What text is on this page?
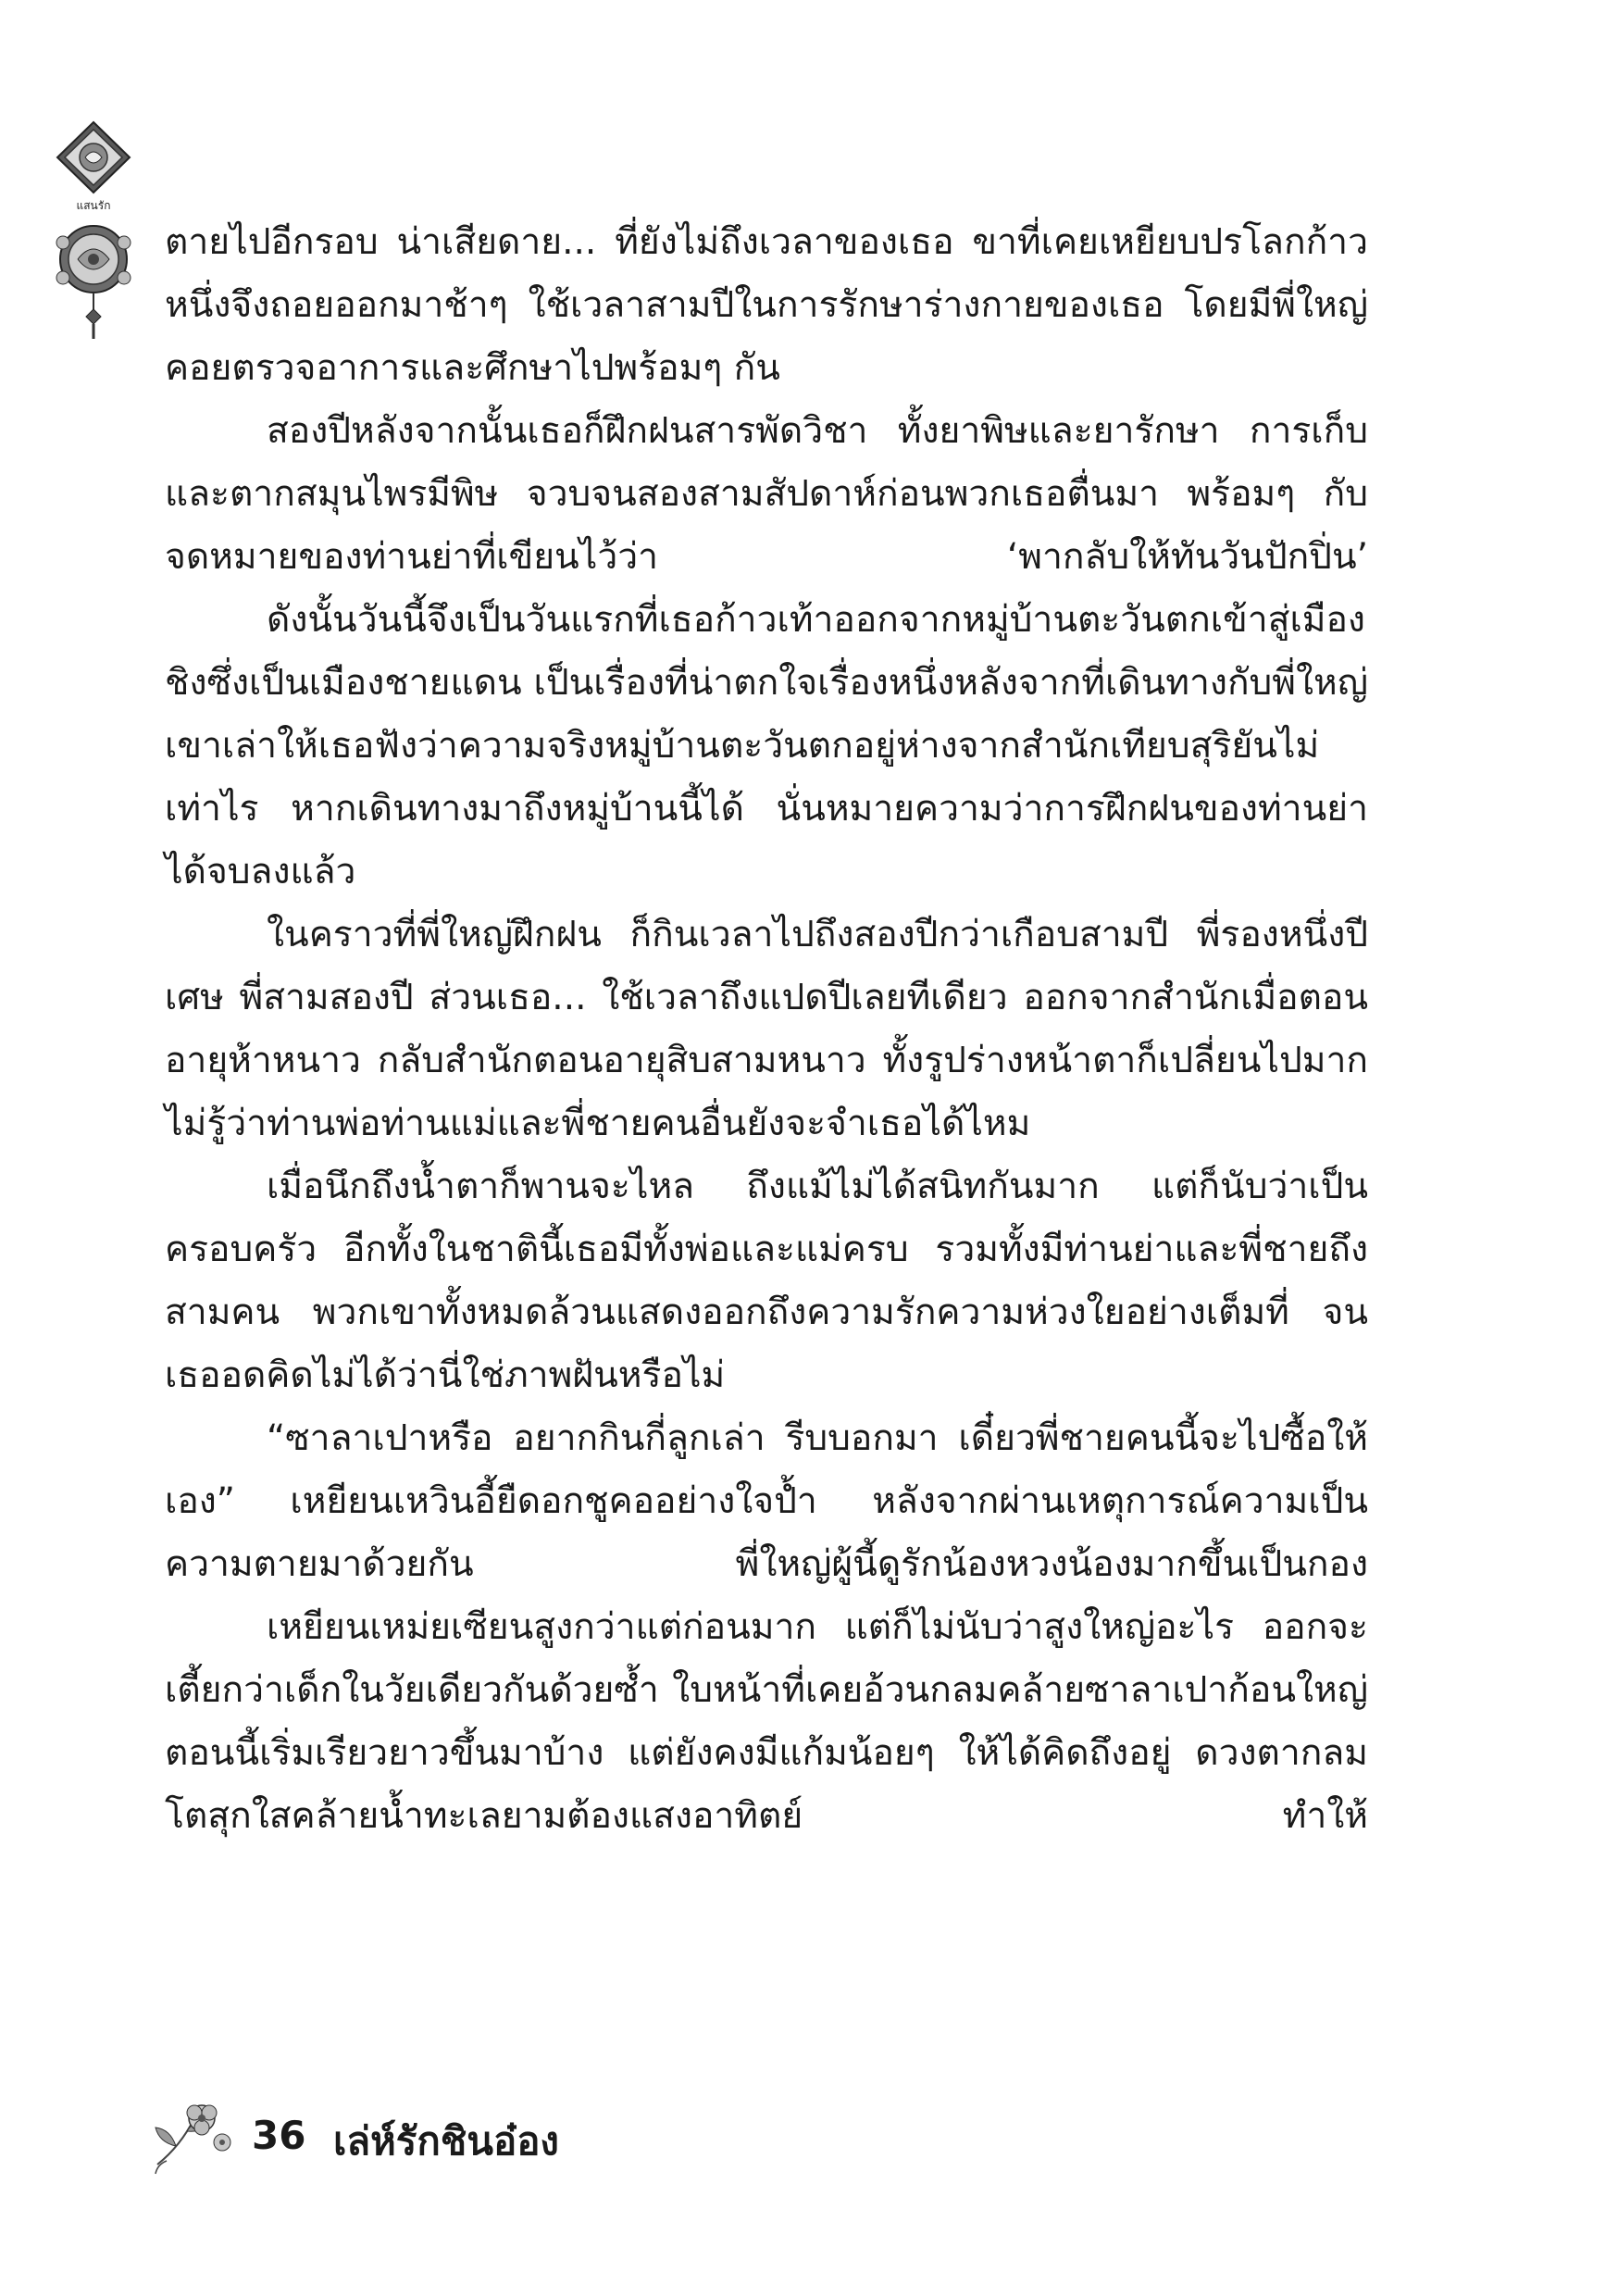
แสนรัก

ตายไปอีกรอบ น่าเสียดาย... ที่ยังไม่ถึงเวลาของเธอ ขาที่เคยเหยียบปรโลกก้าวหนึ่งจึงถอยออกมาช้าๆ ใช้เวลาสามปีในการรักษาร่างกายของเธอ โดยมีพี่ใหญ่คอยตรวจอาการและศึกษาไปพร้อมๆ กัน

สองปีหลังจากนั้นเธอก็ฝึกฝนสารพัดวิชา ทั้งยาพิษและยารักษา การเก็บและตากสมุนไพรมีพิษ จวบจนสองสามสัปดาห์ก่อนพวกเธอตื่นมา พร้อมๆ กับจดหมายของท่านย่าที่เขียนไว้ว่า ‘พากลับให้ทันวันปักปิ่น’

ดังนั้นวันนี้จึงเป็นวันแรกที่เธอก้าวเท้าออกจากหมู่บ้านตะวันตกเข้าสู่เมืองชิงซึ่งเป็นเมืองชายแดน เป็นเรื่องที่น่าตกใจเรื่องหนึ่งหลังจากที่เดินทางกับพี่ใหญ่ เขาเล่าให้เธอฟังว่าความจริงหมู่บ้านตะวันตกอยู่ห่างจากสำนักเทียบสุริยันไม่เท่าไร หากเดินทางมาถึงหมู่บ้านนี้ได้ นั่นหมายความว่าการฝึกฝนของท่านย่าได้จบลงแล้ว

ในคราวที่พี่ใหญ่ฝึกฝน ก็กินเวลาไปถึงสองปีกว่าเกือบสามปี พี่รองหนึ่งปีเศษ พี่สามสองปี ส่วนเธอ... ใช้เวลาถึงแปดปีเลยทีเดียว ออกจากสำนักเมื่อตอนอายุห้าหนาว กลับสำนักตอนอายุสิบสามหนาว ทั้งรูปร่างหน้าตาก็เปลี่ยนไปมาก ไม่รู้ว่าท่านพ่อท่านแม่และพี่ชายคนอื่นยังจะจำเธอได้ไหม

เมื่อนึกถึงน้ำตาก็พานจะไหล ถึงแม้ไม่ได้สนิทกันมาก แต่ก็นับว่าเป็นครอบครัว อีกทั้งในชาตินี้เธอมีทั้งพ่อและแม่ครบ รวมทั้งมีท่านย่าและพี่ชายถึงสามคน พวกเขาทั้งหมดล้วนแสดงออกถึงความรักความห่วงใยอย่างเต็มที่ จนเธออดคิดไม่ได้ว่านี่ใช่ภาพฝันหรือไม่

“ซาลาเปาหรือ อยากกินกี่ลูกเล่า รีบบอกมา เดี๋ยวพี่ชายคนนี้จะไปซื้อให้เอง” เหยียนเหวินอี้ยืดอกชูคออย่างใจป้ำ หลังจากผ่านเหตุการณ์ความเป็นความตายมาด้วยกัน พี่ใหญ่ผู้นี้ดูรักน้องหวงน้องมากขึ้นเป็นกอง

เหยียนเหม่ยเซียนสูงกว่าแต่ก่อนมาก แต่ก็ไม่นับว่าสูงใหญ่อะไร ออกจะเตี้ยกว่าเด็กในวัยเดียวกันด้วยซ้ำ ใบหน้าที่เคยอ้วนกลมคล้ายซาลาเปาก้อนใหญ่ ตอนนี้เริ่มเรียวยาวขึ้นมาบ้าง แต่ยังคงมีแก้มน้อยๆ ให้ได้คิดถึงอยู่ ดวงตากลมโตสุกใสคล้ายน้ำทะเลยามต้องแสงอาทิตย์ ทำให้

36 เล่ห์รักชินอ๋อง
